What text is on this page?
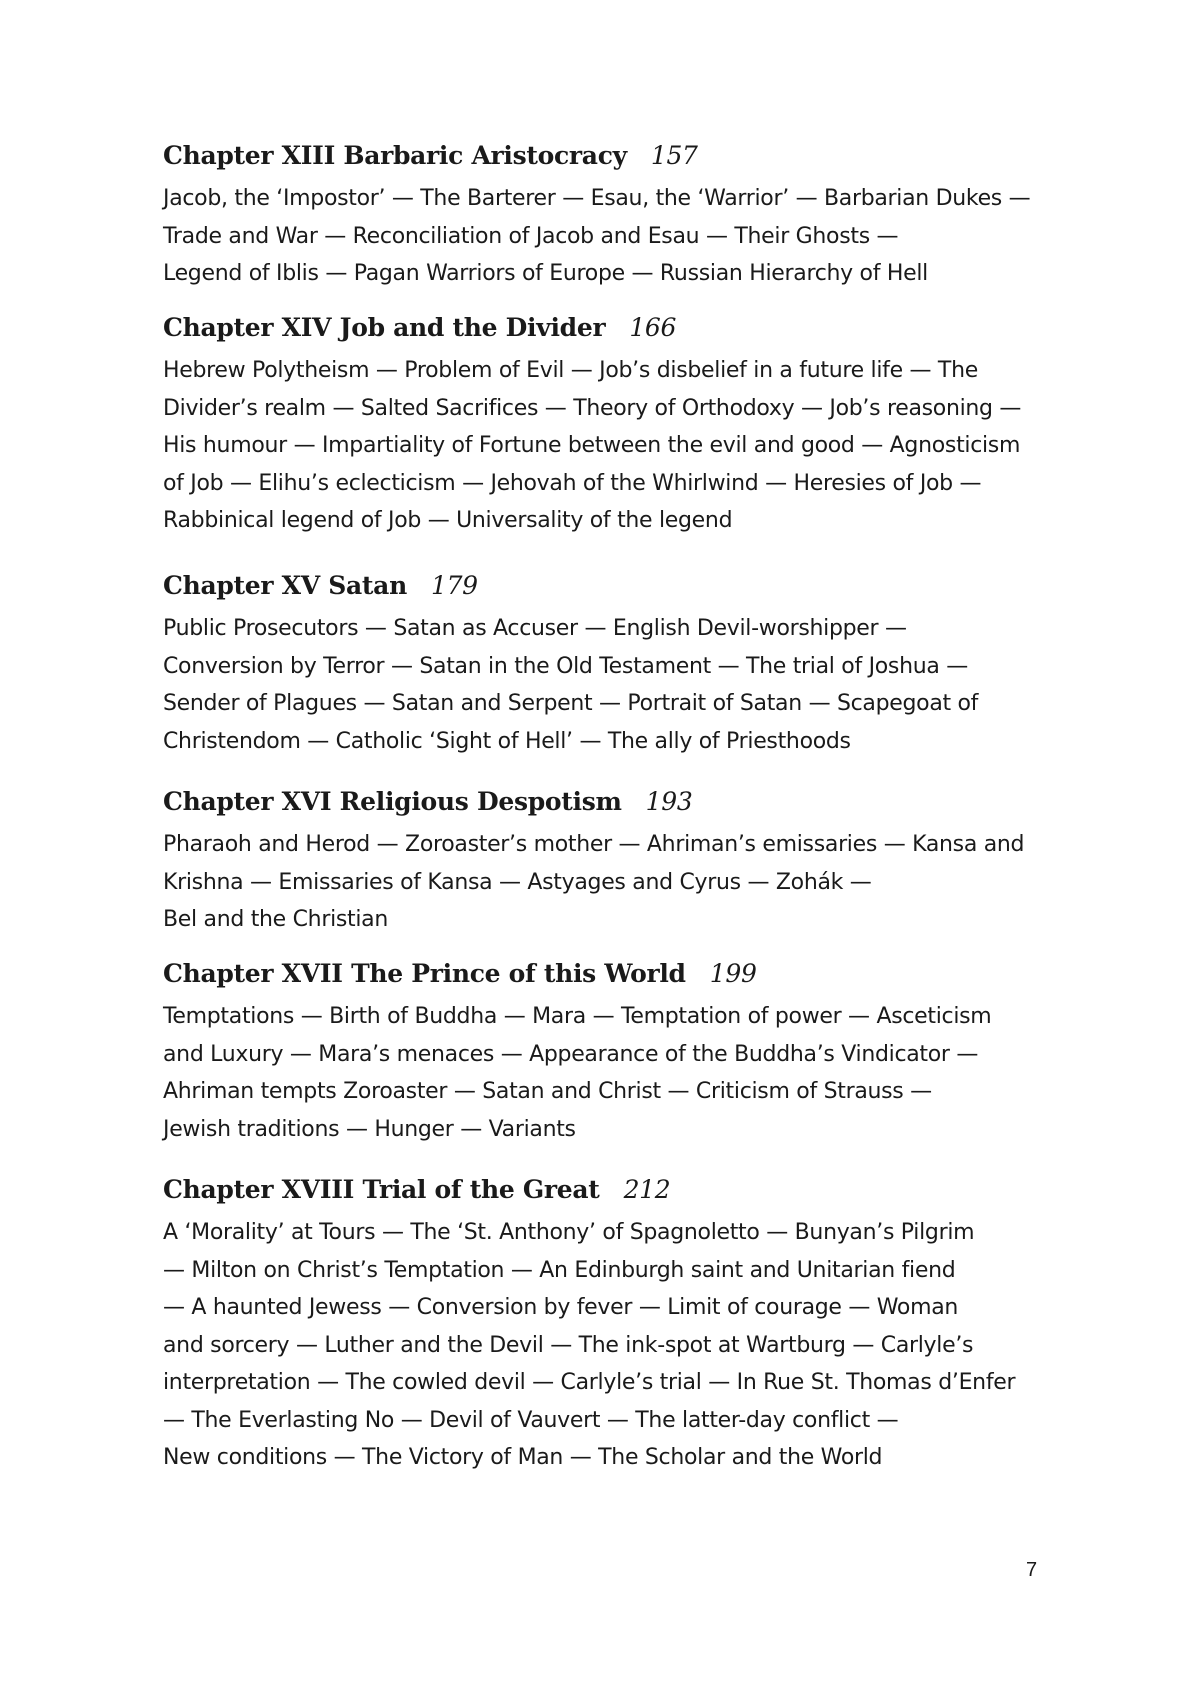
Chapter XIII Barbaric Aristocracy 157
Jacob, the ‘Impostor’ — The Barterer — Esau, the ‘Warrior’ — Barbarian Dukes —
Trade and War — Reconciliation of Jacob and Esau — Their Ghosts —
Legend of Iblis — Pagan Warriors of Europe — Russian Hierarchy of Hell
Chapter XIV Job and the Divider 166
Hebrew Polytheism — Problem of Evil — Job’s disbelief in a future life — The
Divider’s realm — Salted Sacrifices — Theory of Orthodoxy — Job’s reasoning —
His humour — Impartiality of Fortune between the evil and good — Agnosticism
of Job — Elihu’s eclecticism — Jehovah of the Whirlwind — Heresies of Job —
Rabbinical legend of Job — Universality of the legend
Chapter XV Satan 179
Public Prosecutors — Satan as Accuser — English Devil-worshipper —
Conversion by Terror — Satan in the Old Testament — The trial of Joshua —
Sender of Plagues — Satan and Serpent — Portrait of Satan — Scapegoat of
Christendom — Catholic ‘Sight of Hell’ — The ally of Priesthoods
Chapter XVI Religious Despotism 193
Pharaoh and Herod — Zoroaster’s mother — Ahriman’s emissaries — Kansa and
Krishna — Emissaries of Kansa — Astyages and Cyrus — Zohák —
Bel and the Christian
Chapter XVII The Prince of this World 199
Temptations — Birth of Buddha — Mara — Temptation of power — Asceticism
and Luxury — Mara’s menaces — Appearance of the Buddha’s Vindicator —
Ahriman tempts Zoroaster — Satan and Christ — Criticism of Strauss —
Jewish traditions — Hunger — Variants
Chapter XVIII Trial of the Great 212
A ‘Morality’ at Tours — The ‘St. Anthony’ of Spagnoletto — Bunyan’s Pilgrim
— Milton on Christ’s Temptation — An Edinburgh saint and Unitarian fiend
— A haunted Jewess — Conversion by fever — Limit of courage — Woman
and sorcery — Luther and the Devil — The ink-spot at Wartburg — Carlyle’s
interpretation — The cowled devil — Carlyle’s trial — In Rue St. Thomas d’Enfer
— The Everlasting No — Devil of Vauvert — The latter-day conflict —
New conditions — The Victory of Man — The Scholar and the World
7
